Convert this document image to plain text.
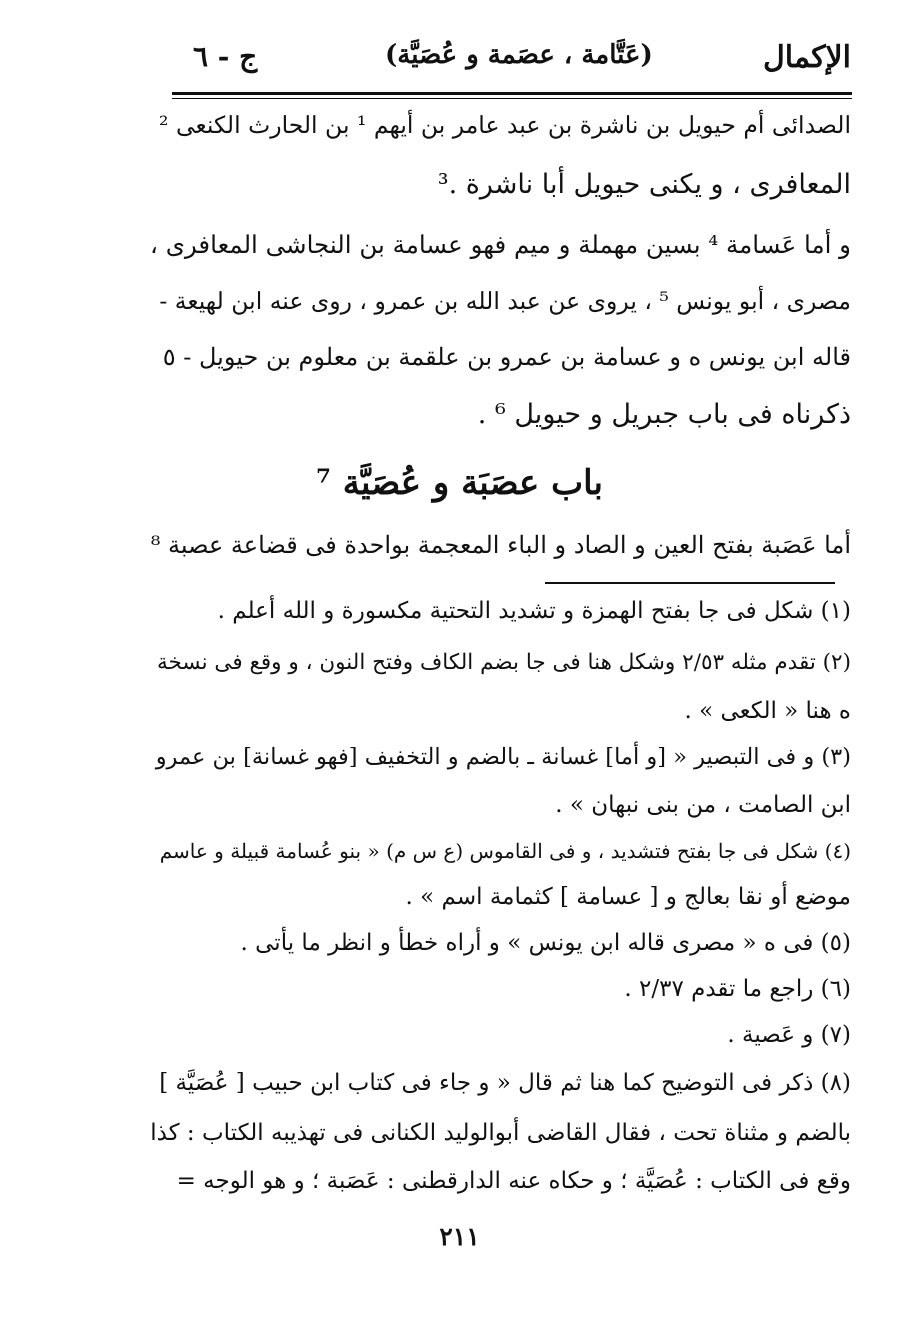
ج - ٦	(عَتَّامة ، عصَمة و عُصَيَّة)	الإكمال
الصدائى أم حيويل بن ناشرة بن عبد عامر بن أيهم ¹ بن الحارث الكنعى ²
المعافرى ، و يكنى حيويل أبا ناشرة .³
و أما عَسامة ⁴ بسين مهملة و ميم فهو عسامة بن النجاشى المعافرى ،
مصرى ، أبو يونس ⁵ ، يروى عن عبد الله بن عمرو ، روى عنه ابن لهيعة -
قاله ابن يونس ه و عسامة بن عمرو بن علقمة بن معلوم بن حيويل - ٥
ذكرناه فى باب جبريل و حيويل ⁶ .
باب عصَبَة و عُصَيَّة ⁷
أما عَصَبة بفتح العين و الصاد و الباء المعجمة بواحدة فى قضاعة عصبة ⁸
(١) شكل فى جا بفتح الهمزة و تشديد التحتية مكسورة و الله أعلم .
(٢) تقدم مثله ٢/٥٣ وشكل هنا فى جا بضم الكاف وفتح النون ، و وقع فى نسخة
ه هنا « الكعى » .
(٣) و فى التبصير « [و أما] غسانة ـ بالضم و التخفيف [فهو غسانة] بن عمرو
ابن الصامت ، من بنى نبهان » .
(٤) شكل فى جا بفتح فتشديد ، و فى القاموس (ع س م) « بنو عُسامة قبيلة و عاسم
موضع أو نقا بعالج و [ عسامة ] كثمامة اسم » .
(٥) فى ه « مصرى قاله ابن يونس » و أراه خطأ و انظر ما يأتى .
(٦) راجع ما تقدم ٢/٣٧ .
(٧) و عَصية .
(٨) ذكر فى التوضيح كما هنا ثم قال « و جاء فى كتاب ابن حبيب [ عُصَيَّة ]
بالضم و مثناة تحت ، فقال القاضى أبوالوليد الكنانى فى تهذيبه الكتاب : كذا
وقع فى الكتاب : عُصَيَّة ؛ و حكاه عنه الدارقطنى : عَصَبة ؛ و هو الوجه =
٢١١
